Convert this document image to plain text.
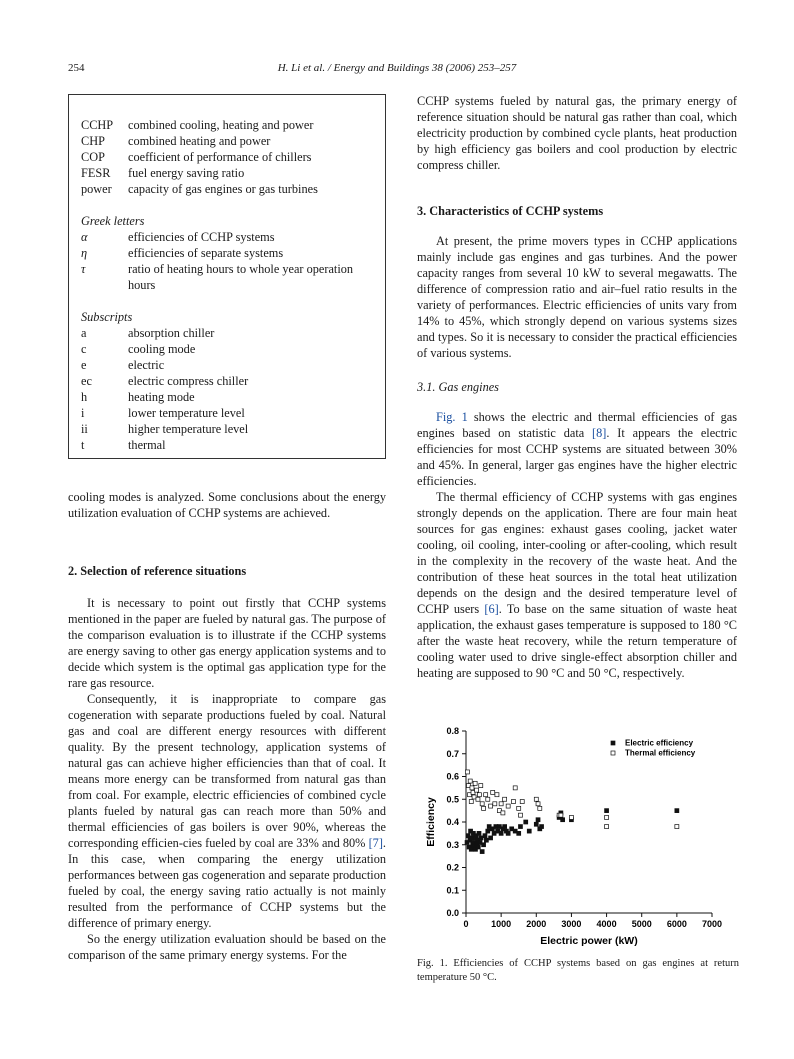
254	H. Li et al. / Energy and Buildings 38 (2006) 253–257
CCHP	combined cooling, heating and power
CHP	combined heating and power
COP	coefficient of performance of chillers
FESR	fuel energy saving ratio
power	capacity of gas engines or gas turbines
Greek letters
α	efficiencies of CCHP systems
η	efficiencies of separate systems
τ	ratio of heating hours to whole year operation hours
Subscripts
a	absorption chiller
c	cooling mode
e	electric
ec	electric compress chiller
h	heating mode
i	lower temperature level
ii	higher temperature level
t	thermal

cooling modes is analyzed. Some conclusions about the energy utilization evaluation of CCHP systems are achieved.

2. Selection of reference situations

It is necessary to point out firstly that CCHP systems mentioned in the paper are fueled by natural gas. The purpose of the comparison evaluation is to illustrate if the CCHP systems are energy saving to other gas energy application systems and to decide which system is the optimal gas application type for the rare gas resource.

Consequently, it is inappropriate to compare gas cogeneration with separate productions fueled by coal. Natural gas and coal are different energy resources with different quality. By the present technology, application systems of natural gas can achieve higher efficiencies than that of coal. It means more energy can be transformed from natural gas than from coal. For example, electric efficiencies of combined cycle plants fueled by natural gas can reach more than 50% and thermal efficiencies of gas boilers is over 90%, whereas the corresponding efficien-cies fueled by coal are 33% and 80% [7]. In this case, when comparing the energy utilization performances between gas cogeneration and separate production fueled by coal, the energy saving ratio actually is not mainly resulted from the performance of CCHP systems but the difference of primary energy.

So the energy utilization evaluation should be based on the comparison of the same primary energy systems. For the

CCHP systems fueled by natural gas, the primary energy of reference situation should be natural gas rather than coal, which electricity production by combined cycle plants, heat production by high efficiency gas boilers and cool production by electric compress chiller.

3. Characteristics of CCHP systems

At present, the prime movers types in CCHP applications mainly include gas engines and gas turbines. And the power capacity ranges from several 10 kW to several megawatts. The difference of compression ratio and air–fuel ratio results in the variety of performances. Electric efficiencies of units vary from 14% to 45%, which strongly depend on various systems sizes and types. So it is necessary to consider the practical efficiencies of various systems.

3.1. Gas engines

Fig. 1 shows the electric and thermal efficiencies of gas engines based on statistic data [8]. It appears the electric efficiencies for most CCHP systems are situated between 30% and 45%. In general, larger gas engines have the higher electric efficiencies.

The thermal efficiency of CCHP systems with gas engines strongly depends on the application. There are four main heat sources for gas engines: exhaust gases cooling, jacket water cooling, oil cooling, inter-cooling or after-cooling, which result in the complexity in the recovery of the waste heat. And the contribution of these heat sources in the total heat utilization depends on the design and the desired temperature level of CCHP users [6]. To base on the same situation of waste heat application, the exhaust gases temperature is supposed to 180 °C after the waste heat recovery, while the return temperature of cooling water used to drive single-effect absorption chiller and heating are supposed to 90 °C and 50 °C, respectively.

0	1000 2000 3000 4000 5000 6000 7000
0.0
0.1
0.2
0.3
0.4
0.5
0.6
0.7
0.8
Electric efficiency
Thermal efficiency
Electric power (kW)
Efficiency
Fig. 1. Efficiencies of CCHP systems based on gas engines at return temperature 50 °C.
